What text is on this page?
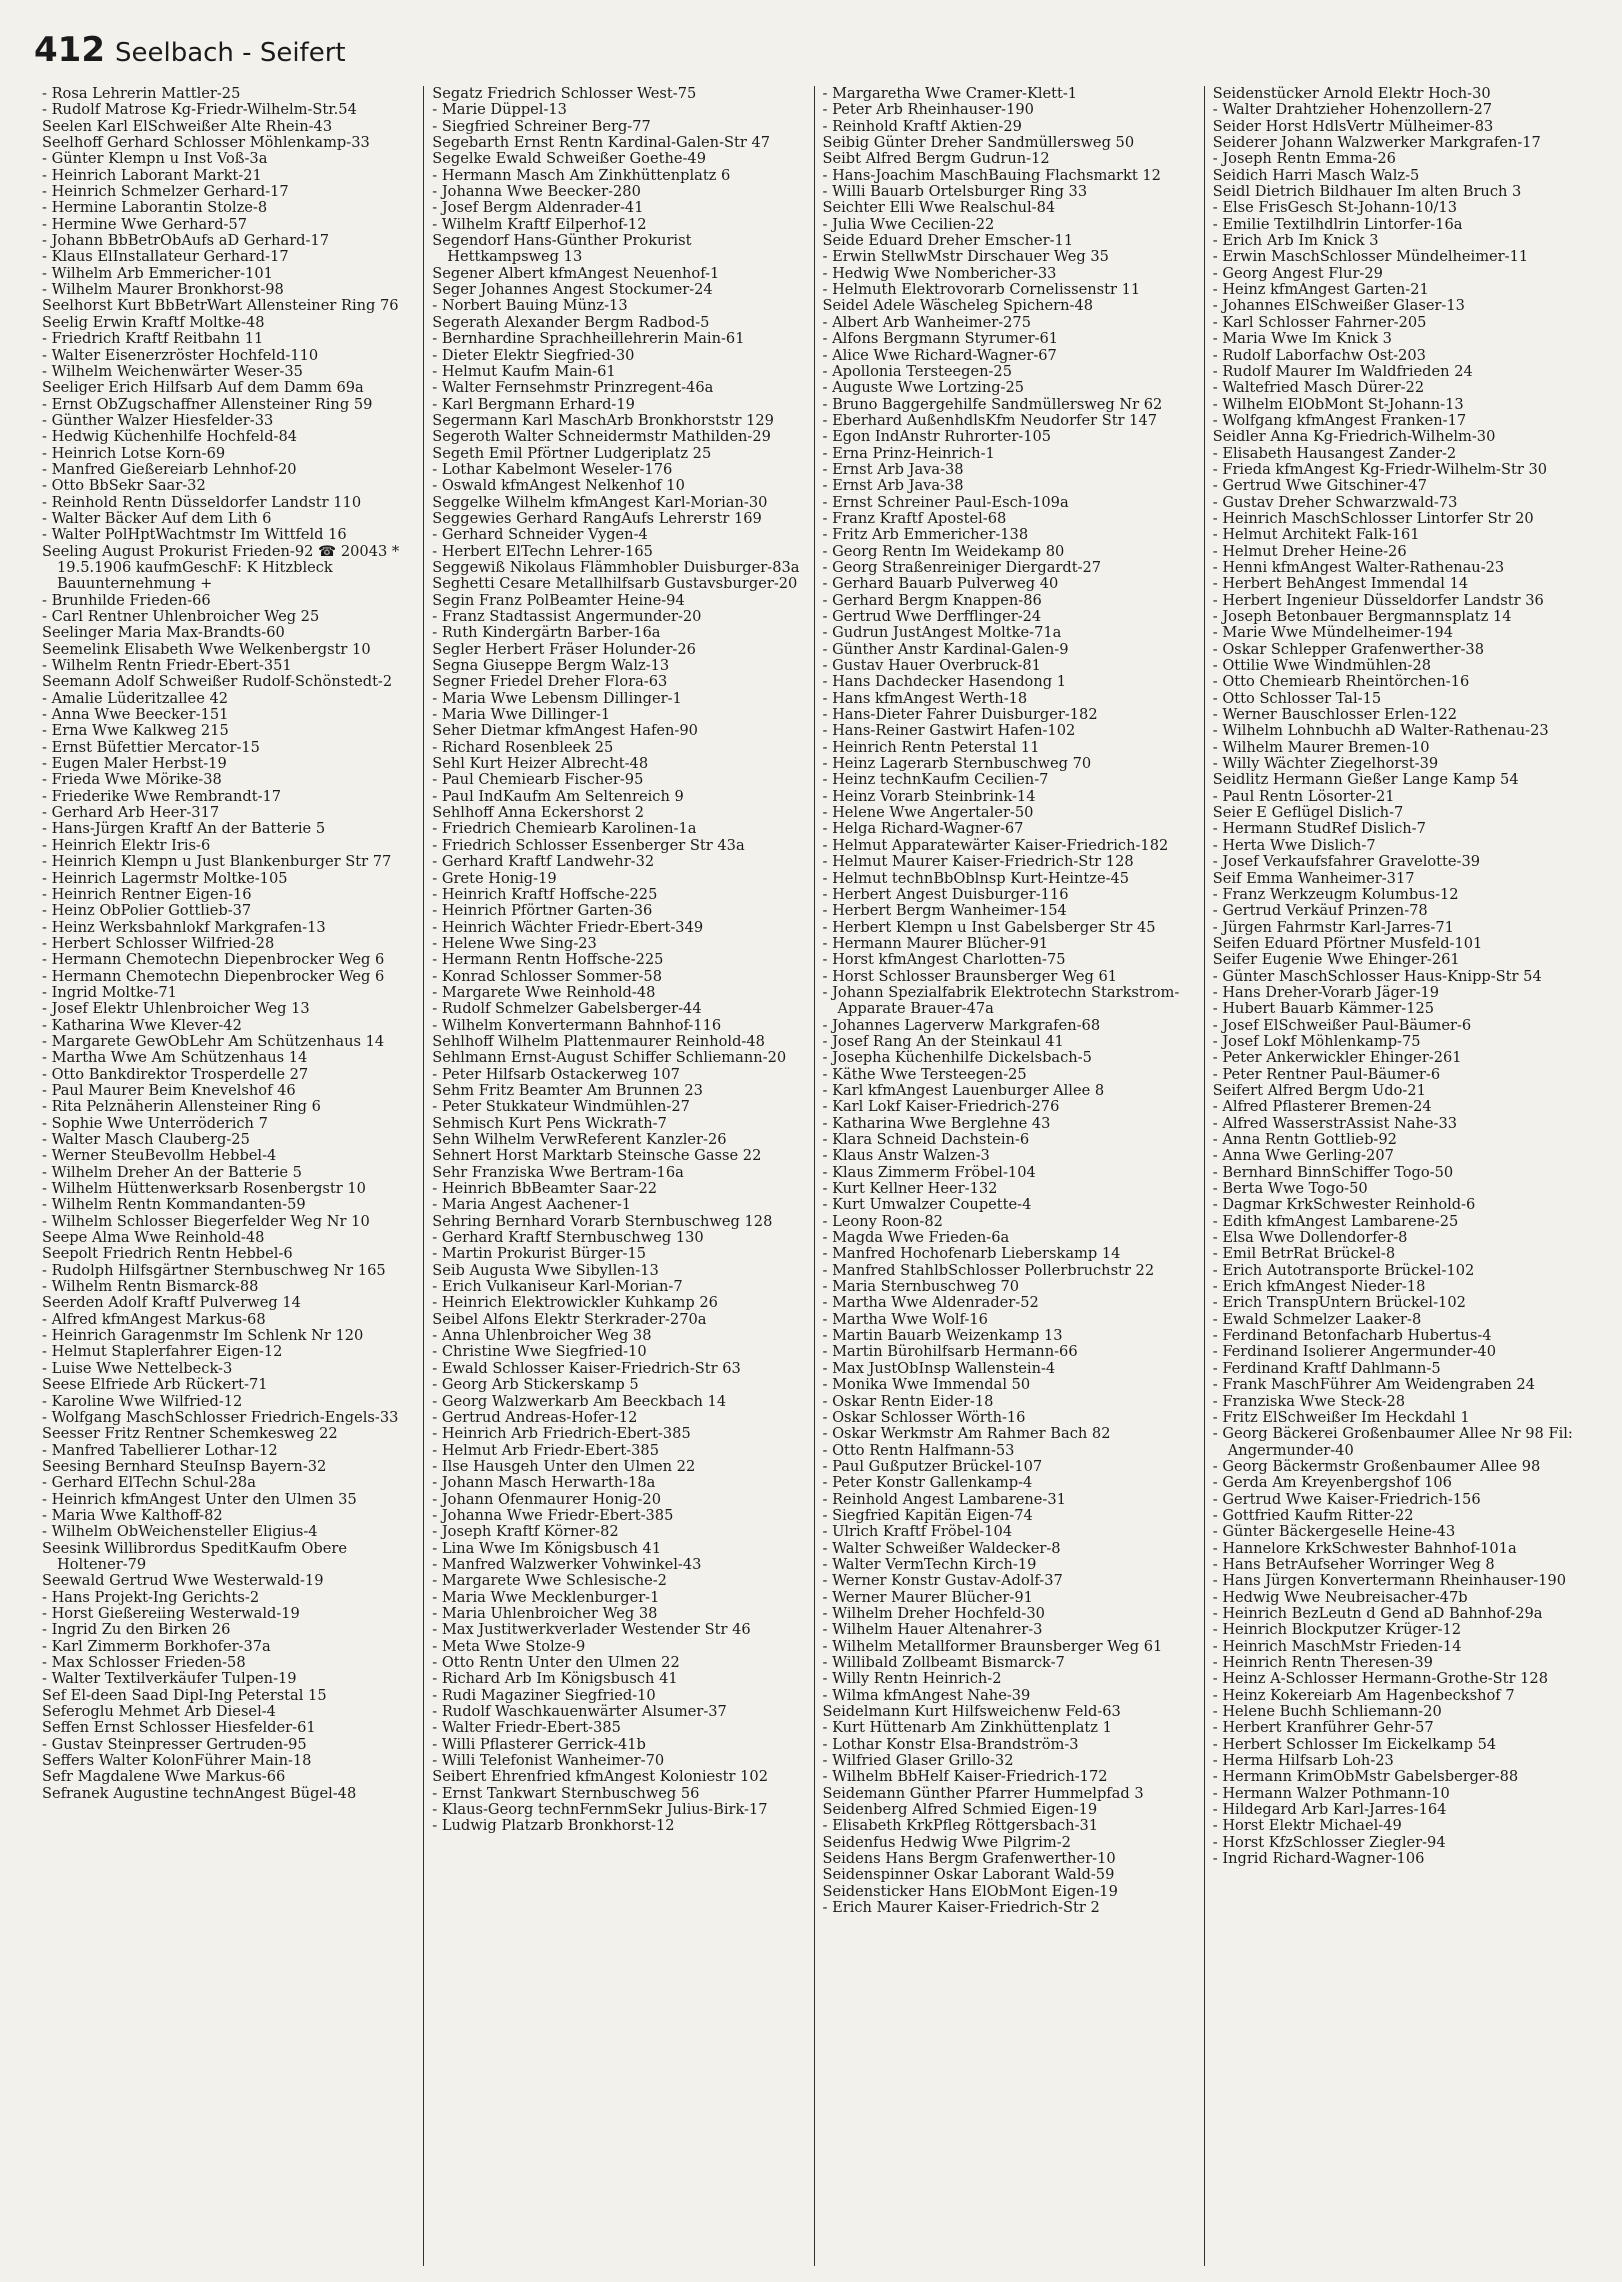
412 Seelbach - Seifert
- Rosa Lehrerin Mattler-25
- Rudolf Matrose Kg-Friedr-Wilhelm-Str.54
Seelen Karl ElSchweißer Alte Rhein-43
Seelhoff Gerhard Schlosser Möhlenkamp-33
- Günter Klempn u Inst Voß-3a
- Heinrich Laborant Markt-21
- Heinrich Schmelzer Gerhard-17
- Hermine Laborantin Stolze-8
- Hermine Wwe Gerhard-57
- Johann BbBetrObAufs aD Gerhard-17
- Klaus ElInstallateur Gerhard-17
- Wilhelm Arb Emmericher-101
- Wilhelm Maurer Bronkhorst-98
Seelhorst Kurt BbBetrWart Allensteiner Ring 76
Seelig Erwin Kraftf Moltke-48
- Friedrich Kraftf Reitbahn 11
- Walter Eisenerzröster Hochfeld-110
- Wilhelm Weichenwärter Weser-35
Seeliger Erich Hilfsarb Auf dem Damm 69a
- Ernst ObZugschaffner Allensteiner Ring 59
- Günther Walzer Hiesfelder-33
- Hedwig Küchenhilfe Hochfeld-84
- Heinrich Lotse Korn-69
- Manfred Gießereiarb Lehnhof-20
- Otto BbSekr Saar-32
- Reinhold Rentn Düsseldorfer Landstr 110
- Walter Bäcker Auf dem Lith 6
- Walter PolHptWachtmstr Im Wittfeld 16
Seeling August Prokurist Frieden-92 ☎ 20043 * 19.5.1906 kaufmGeschF: K Hitzbleck Bauunternehmung +
- Brunhilde Frieden-66
- Carl Rentner Uhlenbroicher Weg 25
Seelinger Maria Max-Brandts-60
Seemelink Elisabeth Wwe Welkenbergstr 10
- Wilhelm Rentn Friedr-Ebert-351
Seemann Adolf Schweißer Rudolf-Schönstedt-2
- Amalie Lüderitzallee 42
- Anna Wwe Beecker-151
- Erna Wwe Kalkweg 215
- Ernst Büfettier Mercator-15
- Eugen Maler Herbst-19
- Frieda Wwe Mörike-38
- Friederike Wwe Rembrandt-17
- Gerhard Arb Heer-317
- Hans-Jürgen Kraftf An der Batterie 5
- Heinrich Elektr Iris-6
- Heinrich Klempn u Just Blankenburger Str 77
- Heinrich Lagermstr Moltke-105
- Heinrich Rentner Eigen-16
- Heinz ObPolier Gottlieb-37
- Heinz Werksbahnlokf Markgrafen-13
- Herbert Schlosser Wilfried-28
- Hermann Chemotechn Diepenbrocker Weg 6
- Hermann Chemotechn Diepenbrocker Weg 6
- Ingrid Moltke-71
- Josef Elektr Uhlenbroicher Weg 13
- Katharina Wwe Klever-42
- Margarete GewObLehr Am Schützenhaus 14
- Martha Wwe Am Schützenhaus 14
- Otto Bankdirektor Trosperdelle 27
- Paul Maurer Beim Knevelshof 46
- Rita Pelznäherin Allensteiner Ring 6
- Sophie Wwe Unterröderich 7
- Walter Masch Clauberg-25
- Werner SteuBevollm Hebbel-4
- Wilhelm Dreher An der Batterie 5
- Wilhelm Hüttenwerksarb Rosenbergstr 10
- Wilhelm Rentn Kommandanten-59
- Wilhelm Schlosser Biegerfelder Weg Nr 10
Seepe Alma Wwe Reinhold-48
Seepolt Friedrich Rentn Hebbel-6
- Rudolph Hilfsgärtner Sternbuschweg Nr 165
- Wilhelm Rentn Bismarck-88
Seerden Adolf Kraftf Pulverweg 14
- Alfred kfmAngest Markus-68
- Heinrich Garagenmstr Im Schlenk Nr 120
- Helmut Staplerfahrer Eigen-12
- Luise Wwe Nettelbeck-3
Seese Elfriede Arb Rückert-71
- Karoline Wwe Wilfried-12
- Wolfgang MaschSchlosser Friedrich-Engels-33
Seesser Fritz Rentner Schemkesweg 22
- Manfred Tabellierer Lothar-12
Seesing Bernhard SteuInsp Bayern-32
- Gerhard ElTechn Schul-28a
- Heinrich kfmAngest Unter den Ulmen 35
- Maria Wwe Kalthoff-82
- Wilhelm ObWeichensteller Eligius-4
Seesink Willibrordus SpeditKaufm Obere Holtener-79
Seewald Gertrud Wwe Westerwald-19
- Hans Projekt-Ing Gerichts-2
- Horst Gießereiing Westerwald-19
- Ingrid Zu den Birken 26
- Karl Zimmerm Borkhofer-37a
- Max Schlosser Frieden-58
- Walter Textilverkäufer Tulpen-19
Sef El-deen Saad Dipl-Ing Peterstal 15
Seferoglu Mehmet Arb Diesel-4
Seffen Ernst Schlosser Hiesfelder-61
- Gustav Steinpresser Gertruden-95
Seffers Walter KolonFührer Main-18
Sefr Magdalene Wwe Markus-66
Sefranek Augustine technAngest Bügel-48
Segatz Friedrich Schlosser West-75
- Marie Düppel-13
- Siegfried Schreiner Berg-77
Segebarth Ernst Rentn Kardinal-Galen-Str 47
Segelke Ewald Schweißer Goethe-49
- Hermann Masch Am Zinkhüttenplatz 6
- Johanna Wwe Beecker-280
- Josef Bergm Aldenrader-41
- Wilhelm Kraftf Eilperhof-12
Segendorf Hans-Günther Prokurist Hettkampsweg 13
Segener Albert kfmAngest Neuenhof-1
Seger Johannes Angest Stockumer-24
- Norbert Bauing Münz-13
Segerath Alexander Bergm Radbod-5
- Bernhardine Sprachheillehrerin Main-61
- Dieter Elektr Siegfried-30
- Helmut Kaufm Main-61
- Walter Fernsehmstr Prinzregent-46a
- Karl Bergmann Erhard-19
Segermann Karl MaschArb Bronkhorststr 129
Segeroth Walter Schneidermstr Mathilden-29
Segeth Emil Pförtner Ludgeriplatz 25
- Lothar Kabelmont Weseler-176
- Oswald kfmAngest Nelkenhof 10
Seggelke Wilhelm kfmAngest Karl-Morian-30
Seggewies Gerhard RangAufs Lehrerstr 169
- Gerhard Schneider Vygen-4
- Herbert ElTechn Lehrer-165
Seggewiß Nikolaus Flämmhobler Duisburger-83a
Seghetti Cesare Metallhilfsarb Gustavsburger-20
Segin Franz PolBeamter Heine-94
- Franz Stadtassist Angermunder-20
- Ruth Kindergärtn Barber-16a
Segler Herbert Fräser Holunder-26
Segna Giuseppe Bergm Walz-13
Segner Friedel Dreher Flora-63
- Maria Wwe Lebensm Dillinger-1
- Maria Wwe Dillinger-1
Seher Dietmar kfmAngest Hafen-90
- Richard Rosenbleek 25
Sehl Kurt Heizer Albrecht-48
- Paul Chemiearb Fischer-95
- Paul IndKaufm Am Seltenreich 9
Sehlhoff Anna Eckershorst 2
- Friedrich Chemiearb Karolinen-1a
- Friedrich Schlosser Essenberger Str 43a
- Gerhard Kraftf Landwehr-32
- Grete Honig-19
- Heinrich Kraftf Hoffsche-225
- Heinrich Pförtner Garten-36
- Heinrich Wächter Friedr-Ebert-349
- Helene Wwe Sing-23
- Hermann Rentn Hoffsche-225
- Konrad Schlosser Sommer-58
- Margarete Wwe Reinhold-48
- Rudolf Schmelzer Gabelsberger-44
- Wilhelm Konvertermann Bahnhof-116
Sehlhoff Wilhelm Plattenmaurer Reinhold-48
Sehlmann Ernst-August Schiffer Schliemann-20
- Peter Hilfsarb Ostackerweg 107
Sehm Fritz Beamter Am Brunnen 23
- Peter Stukkateur Windmühlen-27
Sehmisch Kurt Pens Wickrath-7
Sehn Wilhelm VerwReferent Kanzler-26
Sehnert Horst Marktarb Steinsche Gasse 22
Sehr Franziska Wwe Bertram-16a
- Heinrich BbBeamter Saar-22
- Maria Angest Aachener-1
Sehring Bernhard Vorarb Sternbuschweg 128
- Gerhard Kraftf Sternbuschweg 130
- Martin Prokurist Bürger-15
Seib Augusta Wwe Sibyllen-13
- Erich Vulkaniseur Karl-Morian-7
- Heinrich Elektrowickler Kuhkamp 26
Seibel Alfons Elektr Sterkrader-270a
- Anna Uhlenbroicher Weg 38
- Christine Wwe Siegfried-10
- Ewald Schlosser Kaiser-Friedrich-Str 63
- Georg Arb Stickerskamp 5
- Georg Walzwerkarb Am Beeckbach 14
- Gertrud Andreas-Hofer-12
- Heinrich Arb Friedrich-Ebert-385
- Helmut Arb Friedr-Ebert-385
- Ilse Hausgeh Unter den Ulmen 22
- Johann Masch Herwarth-18a
- Johann Ofenmaurer Honig-20
- Johanna Wwe Friedr-Ebert-385
- Joseph Kraftf Körner-82
- Lina Wwe Im Königsbusch 41
- Manfred Walzwerker Vohwinkel-43
- Margarete Wwe Schlesische-2
- Maria Wwe Mecklenburger-1
- Maria Uhlenbroicher Weg 38
- Max Justitwerkverlader Westender Str 46
- Meta Wwe Stolze-9
- Otto Rentn Unter den Ulmen 22
- Richard Arb Im Königsbusch 41
- Rudi Magaziner Siegfried-10
- Rudolf Waschkauenwärter Alsumer-37
- Walter Friedr-Ebert-385
- Willi Pflasterer Gerrick-41b
- Willi Telefonist Wanheimer-70
Seibert Ehrenfried kfmAngest Koloniestr 102
- Ernst Tankwart Sternbuschweg 56
- Klaus-Georg technFernmSekr Julius-Birk-17
- Ludwig Platzarb Bronkhorst-12
- Margaretha Wwe Cramer-Klett-1
- Peter Arb Rheinhauser-190
- Reinhold Kraftf Aktien-29
Seibig Günter Dreher Sandmüllersweg 50
Seibt Alfred Bergm Gudrun-12
- Hans-Joachim MaschBauing Flachsmarkt 12
- Willi Bauarb Ortelsburger Ring 33
Seichter Elli Wwe Realschul-84
- Julia Wwe Cecilien-22
Seide Eduard Dreher Emscher-11
- Erwin StellwMstr Dirschauer Weg 35
- Hedwig Wwe Nombericher-33
- Helmuth Elektrovorarb Cornelissenstr 11
Seidel Adele Wäscheleg Spichern-48
- Albert Arb Wanheimer-275
- Alfons Bergmann Styrumer-61
- Alice Wwe Richard-Wagner-67
- Apollonia Tersteegen-25
- Auguste Wwe Lortzing-25
- Bruno Baggergehilfe Sandmüllersweg Nr 62
- Eberhard AußenhdlsKfm Neudorfer Str 147
- Egon IndAnstr Ruhrorter-105
- Erna Prinz-Heinrich-1
- Ernst Arb Java-38
- Ernst Arb Java-38
- Ernst Schreiner Paul-Esch-109a
- Franz Kraftf Apostel-68
- Fritz Arb Emmericher-138
- Georg Rentn Im Weidekamp 80
- Georg Straßenreiniger Diergardt-27
- Gerhard Bauarb Pulverweg 40
- Gerhard Bergm Knappen-86
- Gertrud Wwe Derfflinger-24
- Gudrun JustAngest Moltke-71a
- Günther Anstr Kardinal-Galen-9
- Gustav Hauer Overbruck-81
- Hans Dachdecker Hasendong 1
- Hans kfmAngest Werth-18
- Hans-Dieter Fahrer Duisburger-182
- Hans-Reiner Gastwirt Hafen-102
- Heinrich Rentn Peterstal 11
- Heinz Lagerarb Sternbuschweg 70
- Heinz technKaufm Cecilien-7
- Heinz Vorarb Steinbrink-14
- Helene Wwe Angertaler-50
- Helga Richard-Wagner-67
- Helmut Apparatewärter Kaiser-Friedrich-182
- Helmut Maurer Kaiser-Friedrich-Str 128
- Helmut technBbOblnsp Kurt-Heintze-45
- Herbert Angest Duisburger-116
- Herbert Bergm Wanheimer-154
- Herbert Klempn u Inst Gabelsberger Str 45
- Hermann Maurer Blücher-91
- Horst kfmAngest Charlotten-75
- Horst Schlosser Braunsberger Weg 61
- Johann Spezialfabrik Elektrotechn Starkstrom-Apparate Brauer-47a
- Johannes Lagerverw Markgrafen-68
- Josef Rang An der Steinkaul 41
- Josepha Küchenhilfe Dickelsbach-5
- Käthe Wwe Tersteegen-25
- Karl kfmAngest Lauenburger Allee 8
- Karl Lokf Kaiser-Friedrich-276
- Katharina Wwe Berglehne 43
- Klara Schneid Dachstein-6
- Klaus Anstr Walzen-3
- Klaus Zimmerm Fröbel-104
- Kurt Kellner Heer-132
- Kurt Umwalzer Coupette-4
- Leony Roon-82
- Magda Wwe Frieden-6a
- Manfred Hochofenarb Lieberskamp 14
- Manfred StahlbSchlosser Pollerbruchstr 22
- Maria Sternbuschweg 70
- Martha Wwe Aldenrader-52
- Martha Wwe Wolf-16
- Martin Bauarb Weizenkamp 13
- Martin Bürohilfsarb Hermann-66
- Max JustObInsp Wallenstein-4
- Monika Wwe Immendal 50
- Oskar Rentn Eider-18
- Oskar Schlosser Wörth-16
- Oskar Werkmstr Am Rahmer Bach 82
- Otto Rentn Halfmann-53
- Paul Gußputzer Brückel-107
- Peter Konstr Gallenkamp-4
- Reinhold Angest Lambarene-31
- Siegfried Kapitän Eigen-74
- Ulrich Kraftf Fröbel-104
- Walter Schweißer Waldecker-8
- Walter VermTechn Kirch-19
- Werner Konstr Gustav-Adolf-37
- Werner Maurer Blücher-91
- Wilhelm Dreher Hochfeld-30
- Wilhelm Hauer Altenahrer-3
- Wilhelm Metallformer Braunsberger Weg 61
- Willibald Zollbeamt Bismarck-7
- Willy Rentn Heinrich-2
- Wilma kfmAngest Nahe-39
Seidelmann Kurt Hilfsweichenw Feld-63
- Kurt Hüttenarb Am Zinkhüttenplatz 1
- Lothar Konstr Elsa-Brandström-3
- Wilfried Glaser Grillo-32
- Wilhelm BbHelf Kaiser-Friedrich-172
Seidemann Günther Pfarrer Hummelpfad 3
Seidenberg Alfred Schmied Eigen-19
- Elisabeth KrkPfleg Röttgersbach-31
Seidenfus Hedwig Wwe Pilgrim-2
Seidens Hans Bergm Grafenwerther-10
Seidenspinner Oskar Laborant Wald-59
Seidensticker Hans ElObMont Eigen-19
- Erich Maurer Kaiser-Friedrich-Str 2
Seidenstücker Arnold Elektr Hoch-30
- Walter Drahtzieher Hohenzollern-27
Seider Horst HdlsVertr Mülheimer-83
Seiderer Johann Walzwerker Markgrafen-17
- Joseph Rentn Emma-26
Seidich Harri Masch Walz-5
Seidl Dietrich Bildhauer Im alten Bruch 3
- Else FrisGesch St-Johann-10/13
- Emilie Textilhdlrin Lintorfer-16a
- Erich Arb Im Knick 3
- Erwin MaschSchlosser Mündelheimer-11
- Georg Angest Flur-29
- Heinz kfmAngest Garten-21
- Johannes ElSchweißer Glaser-13
- Karl Schlosser Fahrner-205
- Maria Wwe Im Knick 3
- Rudolf Laborfachw Ost-203
- Rudolf Maurer Im Waldfrieden 24
- Waltefried Masch Dürer-22
- Wilhelm ElObMont St-Johann-13
- Wolfgang kfmAngest Franken-17
Seidler Anna Kg-Friedrich-Wilhelm-30
- Elisabeth Hausangest Zander-2
- Frieda kfmAngest Kg-Friedr-Wilhelm-Str 30
- Gertrud Wwe Gitschiner-47
- Gustav Dreher Schwarzwald-73
- Heinrich MaschSchlosser Lintorfer Str 20
- Helmut Architekt Falk-161
- Helmut Dreher Heine-26
- Henni kfmAngest Walter-Rathenau-23
- Herbert BehAngest Immendal 14
- Herbert Ingenieur Düsseldorfer Landstr 36
- Joseph Betonbauer Bergmannsplatz 14
- Marie Wwe Mündelheimer-194
- Oskar Schlepper Grafenwerther-38
- Ottilie Wwe Windmühlen-28
- Otto Chemiearb Rheintörchen-16
- Otto Schlosser Tal-15
- Werner Bauschlosser Erlen-122
- Wilhelm Lohnbuchh aD Walter-Rathenau-23
- Wilhelm Maurer Bremen-10
- Willy Wächter Ziegelhorst-39
Seidlitz Hermann Gießer Lange Kamp 54
- Paul Rentn Lösorter-21
Seier E Geflügel Dislich-7
- Hermann StudRef Dislich-7
- Herta Wwe Dislich-7
- Josef Verkaufsfahrer Gravelotte-39
Seif Emma Wanheimer-317
- Franz Werkzeugm Kolumbus-12
- Gertrud Verkäuf Prinzen-78
- Jürgen Fahrmstr Karl-Jarres-71
Seifen Eduard Pförtner Musfeld-101
Seifer Eugenie Wwe Ehinger-261
- Günter MaschSchlosser Haus-Knipp-Str 54
- Hans Dreher-Vorarb Jäger-19
- Hubert Bauarb Kämmer-125
- Josef ElSchweißer Paul-Bäumer-6
- Josef Lokf Möhlenkamp-75
- Peter Ankerwickler Ehinger-261
- Peter Rentner Paul-Bäumer-6
Seifert Alfred Bergm Udo-21
- Alfred Pflasterer Bremen-24
- Alfred WasserstrAssist Nahe-33
- Anna Rentn Gottlieb-92
- Anna Wwe Gerling-207
- Bernhard BinnSchiffer Togo-50
- Berta Wwe Togo-50
- Dagmar KrkSchwester Reinhold-6
- Edith kfmAngest Lambarene-25
- Elsa Wwe Dollendorfer-8
- Emil BetrRat Brückel-8
- Erich Autotransporte Brückel-102
- Erich kfmAngest Nieder-18
- Erich TranspUntern Brückel-102
- Ewald Schmelzer Laaker-8
- Ferdinand Betonfacharb Hubertus-4
- Ferdinand Isolierer Angermunder-40
- Ferdinand Kraftf Dahlmann-5
- Frank MaschFührer Am Weidengraben 24
- Franziska Wwe Steck-28
- Fritz ElSchweißer Im Heckdahl 1
- Georg Bäckerei Großenbaumer Allee Nr 98 Fil: Angermunder-40
- Georg Bäckermstr Großenbaumer Allee 98
- Gerda Am Kreyenbergshof 106
- Gertrud Wwe Kaiser-Friedrich-156
- Gottfried Kaufm Ritter-22
- Günter Bäckergeselle Heine-43
- Hannelore KrkSchwester Bahnhof-101a
- Hans BetrAufseher Worringer Weg 8
- Hans Jürgen Konvertermann Rheinhauser-190
- Hedwig Wwe Neubreisacher-47b
- Heinrich BezLeutn d Gend aD Bahnhof-29a
- Heinrich Blockputzer Krüger-12
- Heinrich MaschMstr Frieden-14
- Heinrich Rentn Theresen-39
- Heinz A-Schlosser Hermann-Grothe-Str 128
- Heinz Kokereiarb Am Hagenbeckshof 7
- Helene Buchh Schliemann-20
- Herbert Kranführer Gehr-57
- Herbert Schlosser Im Eickelkamp 54
- Herma Hilfsarb Loh-23
- Hermann KrimObMstr Gabelsberger-88
- Hermann Walzer Pothmann-10
- Hildegard Arb Karl-Jarres-164
- Horst Elektr Michael-49
- Horst KfzSchlosser Ziegler-94
- Ingrid Richard-Wagner-106
